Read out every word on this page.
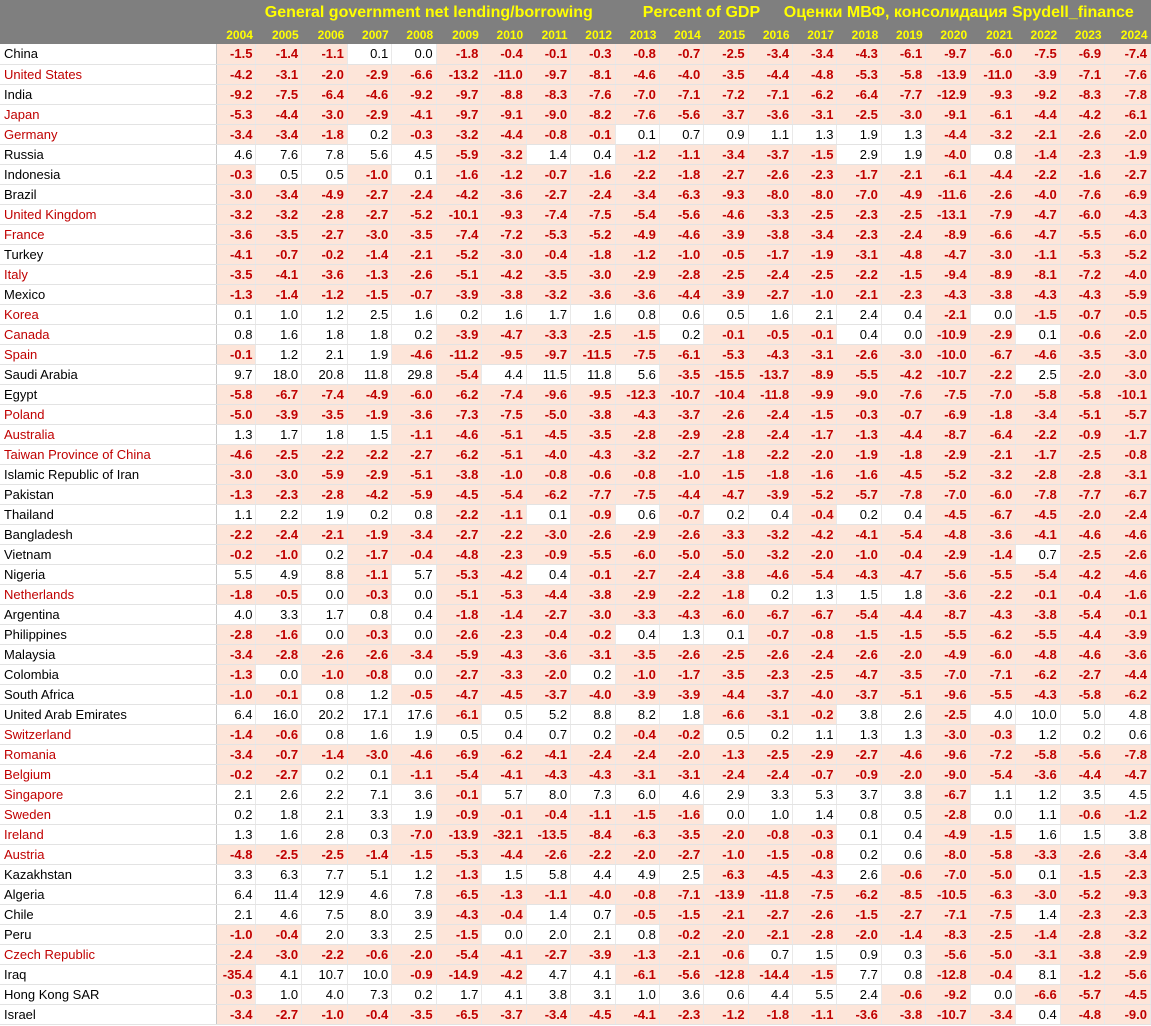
	General government net lending/borrowing Percent of GDP Оценки МВФ, консолидация Spydell_finance																				

	2004	2005	2006	2007	2008	2009	2010	2011	2012	2013	2014	2015	2016	2017	2018	2019	2020	2021	2022	2023	2024
China	-1.5	-1.4	-1.1	0.1	0.0	-1.8	-0.4	-0.1	-0.3	-0.8	-0.7	-2.5	-3.4	-3.4	-4.3	-6.1	-9.7	-6.0	-7.5	-6.9	-7.4
United States	-4.2	-3.1	-2.0	-2.9	-6.6	-13.2	-11.0	-9.7	-8.1	-4.6	-4.0	-3.5	-4.4	-4.8	-5.3	-5.8	-13.9	-11.0	-3.9	-7.1	-7.6
India	-9.2	-7.5	-6.4	-4.6	-9.2	-9.7	-8.8	-8.3	-7.6	-7.0	-7.1	-7.2	-7.1	-6.2	-6.4	-7.7	-12.9	-9.3	-9.2	-8.3	-7.8
Japan	-5.3	-4.4	-3.0	-2.9	-4.1	-9.7	-9.1	-9.0	-8.2	-7.6	-5.6	-3.7	-3.6	-3.1	-2.5	-3.0	-9.1	-6.1	-4.4	-4.2	-6.1
Germany	-3.4	-3.4	-1.8	0.2	-0.3	-3.2	-4.4	-0.8	-0.1	0.1	0.7	0.9	1.1	1.3	1.9	1.3	-4.4	-3.2	-2.1	-2.6	-2.0
Russia	4.6	7.6	7.8	5.6	4.5	-5.9	-3.2	1.4	0.4	-1.2	-1.1	-3.4	-3.7	-1.5	2.9	1.9	-4.0	0.8	-1.4	-2.3	-1.9
Indonesia	-0.3	0.5	0.5	-1.0	0.1	-1.6	-1.2	-0.7	-1.6	-2.2	-1.8	-2.7	-2.6	-2.3	-1.7	-2.1	-6.1	-4.4	-2.2	-1.6	-2.7
Brazil	-3.0	-3.4	-4.9	-2.7	-2.4	-4.2	-3.6	-2.7	-2.4	-3.4	-6.3	-9.3	-8.0	-8.0	-7.0	-4.9	-11.6	-2.6	-4.0	-7.6	-6.9
United Kingdom	-3.2	-3.2	-2.8	-2.7	-5.2	-10.1	-9.3	-7.4	-7.5	-5.4	-5.6	-4.6	-3.3	-2.5	-2.3	-2.5	-13.1	-7.9	-4.7	-6.0	-4.3
France	-3.6	-3.5	-2.7	-3.0	-3.5	-7.4	-7.2	-5.3	-5.2	-4.9	-4.6	-3.9	-3.8	-3.4	-2.3	-2.4	-8.9	-6.6	-4.7	-5.5	-6.0
Turkey	-4.1	-0.7	-0.2	-1.4	-2.1	-5.2	-3.0	-0.4	-1.8	-1.2	-1.0	-0.5	-1.7	-1.9	-3.1	-4.8	-4.7	-3.0	-1.1	-5.3	-5.2
Italy	-3.5	-4.1	-3.6	-1.3	-2.6	-5.1	-4.2	-3.5	-3.0	-2.9	-2.8	-2.5	-2.4	-2.5	-2.2	-1.5	-9.4	-8.9	-8.1	-7.2	-4.0
Mexico	-1.3	-1.4	-1.2	-1.5	-0.7	-3.9	-3.8	-3.2	-3.6	-3.6	-4.4	-3.9	-2.7	-1.0	-2.1	-2.3	-4.3	-3.8	-4.3	-4.3	-5.9
Korea	0.1	1.0	1.2	2.5	1.6	0.2	1.6	1.7	1.6	0.8	0.6	0.5	1.6	2.1	2.4	0.4	-2.1	0.0	-1.5	-0.7	-0.5
Canada	0.8	1.6	1.8	1.8	0.2	-3.9	-4.7	-3.3	-2.5	-1.5	0.2	-0.1	-0.5	-0.1	0.4	0.0	-10.9	-2.9	0.1	-0.6	-2.0
Spain	-0.1	1.2	2.1	1.9	-4.6	-11.2	-9.5	-9.7	-11.5	-7.5	-6.1	-5.3	-4.3	-3.1	-2.6	-3.0	-10.0	-6.7	-4.6	-3.5	-3.0
Saudi Arabia	9.7	18.0	20.8	11.8	29.8	-5.4	4.4	11.5	11.8	5.6	-3.5	-15.5	-13.7	-8.9	-5.5	-4.2	-10.7	-2.2	2.5	-2.0	-3.0
Egypt	-5.8	-6.7	-7.4	-4.9	-6.0	-6.2	-7.4	-9.6	-9.5	-12.3	-10.7	-10.4	-11.8	-9.9	-9.0	-7.6	-7.5	-7.0	-5.8	-5.8	-10.1
Poland	-5.0	-3.9	-3.5	-1.9	-3.6	-7.3	-7.5	-5.0	-3.8	-4.3	-3.7	-2.6	-2.4	-1.5	-0.3	-0.7	-6.9	-1.8	-3.4	-5.1	-5.7
Australia	1.3	1.7	1.8	1.5	-1.1	-4.6	-5.1	-4.5	-3.5	-2.8	-2.9	-2.8	-2.4	-1.7	-1.3	-4.4	-8.7	-6.4	-2.2	-0.9	-1.7
Taiwan Province of China	-4.6	-2.5	-2.2	-2.2	-2.7	-6.2	-5.1	-4.0	-4.3	-3.2	-2.7	-1.8	-2.2	-2.0	-1.9	-1.8	-2.9	-2.1	-1.7	-2.5	-0.8
Islamic Republic of Iran	-3.0	-3.0	-5.9	-2.9	-5.1	-3.8	-1.0	-0.8	-0.6	-0.8	-1.0	-1.5	-1.8	-1.6	-1.6	-4.5	-5.2	-3.2	-2.8	-2.8	-3.1
Pakistan	-1.3	-2.3	-2.8	-4.2	-5.9	-4.5	-5.4	-6.2	-7.7	-7.5	-4.4	-4.7	-3.9	-5.2	-5.7	-7.8	-7.0	-6.0	-7.8	-7.7	-6.7
Thailand	1.1	2.2	1.9	0.2	0.8	-2.2	-1.1	0.1	-0.9	0.6	-0.7	0.2	0.4	-0.4	0.2	0.4	-4.5	-6.7	-4.5	-2.0	-2.4
Bangladesh	-2.2	-2.4	-2.1	-1.9	-3.4	-2.7	-2.2	-3.0	-2.6	-2.9	-2.6	-3.3	-3.2	-4.2	-4.1	-5.4	-4.8	-3.6	-4.1	-4.6	-4.6
Vietnam	-0.2	-1.0	0.2	-1.7	-0.4	-4.8	-2.3	-0.9	-5.5	-6.0	-5.0	-5.0	-3.2	-2.0	-1.0	-0.4	-2.9	-1.4	0.7	-2.5	-2.6
Nigeria	5.5	4.9	8.8	-1.1	5.7	-5.3	-4.2	0.4	-0.1	-2.7	-2.4	-3.8	-4.6	-5.4	-4.3	-4.7	-5.6	-5.5	-5.4	-4.2	-4.6
Netherlands	-1.8	-0.5	0.0	-0.3	0.0	-5.1	-5.3	-4.4	-3.8	-2.9	-2.2	-1.8	0.2	1.3	1.5	1.8	-3.6	-2.2	-0.1	-0.4	-1.6
Argentina	4.0	3.3	1.7	0.8	0.4	-1.8	-1.4	-2.7	-3.0	-3.3	-4.3	-6.0	-6.7	-6.7	-5.4	-4.4	-8.7	-4.3	-3.8	-5.4	-0.1
Philippines	-2.8	-1.6	0.0	-0.3	0.0	-2.6	-2.3	-0.4	-0.2	0.4	1.3	0.1	-0.7	-0.8	-1.5	-1.5	-5.5	-6.2	-5.5	-4.4	-3.9
Malaysia	-3.4	-2.8	-2.6	-2.6	-3.4	-5.9	-4.3	-3.6	-3.1	-3.5	-2.6	-2.5	-2.6	-2.4	-2.6	-2.0	-4.9	-6.0	-4.8	-4.6	-3.6
Colombia	-1.3	0.0	-1.0	-0.8	0.0	-2.7	-3.3	-2.0	0.2	-1.0	-1.7	-3.5	-2.3	-2.5	-4.7	-3.5	-7.0	-7.1	-6.2	-2.7	-4.4
South Africa	-1.0	-0.1	0.8	1.2	-0.5	-4.7	-4.5	-3.7	-4.0	-3.9	-3.9	-4.4	-3.7	-4.0	-3.7	-5.1	-9.6	-5.5	-4.3	-5.8	-6.2
United Arab Emirates	6.4	16.0	20.2	17.1	17.6	-6.1	0.5	5.2	8.8	8.2	1.8	-6.6	-3.1	-0.2	3.8	2.6	-2.5	4.0	10.0	5.0	4.8
Switzerland	-1.4	-0.6	0.8	1.6	1.9	0.5	0.4	0.7	0.2	-0.4	-0.2	0.5	0.2	1.1	1.3	1.3	-3.0	-0.3	1.2	0.2	0.6
Romania	-3.4	-0.7	-1.4	-3.0	-4.6	-6.9	-6.2	-4.1	-2.4	-2.4	-2.0	-1.3	-2.5	-2.9	-2.7	-4.6	-9.6	-7.2	-5.8	-5.6	-7.8
Belgium	-0.2	-2.7	0.2	0.1	-1.1	-5.4	-4.1	-4.3	-4.3	-3.1	-3.1	-2.4	-2.4	-0.7	-0.9	-2.0	-9.0	-5.4	-3.6	-4.4	-4.7
Singapore	2.1	2.6	2.2	7.1	3.6	-0.1	5.7	8.0	7.3	6.0	4.6	2.9	3.3	5.3	3.7	3.8	-6.7	1.1	1.2	3.5	4.5
Sweden	0.2	1.8	2.1	3.3	1.9	-0.9	-0.1	-0.4	-1.1	-1.5	-1.6	0.0	1.0	1.4	0.8	0.5	-2.8	0.0	1.1	-0.6	-1.2
Ireland	1.3	1.6	2.8	0.3	-7.0	-13.9	-32.1	-13.5	-8.4	-6.3	-3.5	-2.0	-0.8	-0.3	0.1	0.4	-4.9	-1.5	1.6	1.5	3.8
Austria	-4.8	-2.5	-2.5	-1.4	-1.5	-5.3	-4.4	-2.6	-2.2	-2.0	-2.7	-1.0	-1.5	-0.8	0.2	0.6	-8.0	-5.8	-3.3	-2.6	-3.4
Kazakhstan	3.3	6.3	7.7	5.1	1.2	-1.3	1.5	5.8	4.4	4.9	2.5	-6.3	-4.5	-4.3	2.6	-0.6	-7.0	-5.0	0.1	-1.5	-2.3
Algeria	6.4	11.4	12.9	4.6	7.8	-6.5	-1.3	-1.1	-4.0	-0.8	-7.1	-13.9	-11.8	-7.5	-6.2	-8.5	-10.5	-6.3	-3.0	-5.2	-9.3
Chile	2.1	4.6	7.5	8.0	3.9	-4.3	-0.4	1.4	0.7	-0.5	-1.5	-2.1	-2.7	-2.6	-1.5	-2.7	-7.1	-7.5	1.4	-2.3	-2.3
Peru	-1.0	-0.4	2.0	3.3	2.5	-1.5	0.0	2.0	2.1	0.8	-0.2	-2.0	-2.1	-2.8	-2.0	-1.4	-8.3	-2.5	-1.4	-2.8	-3.2
Czech Republic	-2.4	-3.0	-2.2	-0.6	-2.0	-5.4	-4.1	-2.7	-3.9	-1.3	-2.1	-0.6	0.7	1.5	0.9	0.3	-5.6	-5.0	-3.1	-3.8	-2.9
Iraq	-35.4	4.1	10.7	10.0	-0.9	-14.9	-4.2	4.7	4.1	-6.1	-5.6	-12.8	-14.4	-1.5	7.7	0.8	-12.8	-0.4	8.1	-1.2	-5.6
Hong Kong SAR	-0.3	1.0	4.0	7.3	0.2	1.7	4.1	3.8	3.1	1.0	3.6	0.6	4.4	5.5	2.4	-0.6	-9.2	0.0	-6.6	-5.7	-4.5
Israel	-3.4	-2.7	-1.0	-0.4	-3.5	-6.5	-3.7	-3.4	-4.5	-4.1	-2.3	-1.2	-1.8	-1.1	-3.6	-3.8	-10.7	-3.4	0.4	-4.8	-9.0
